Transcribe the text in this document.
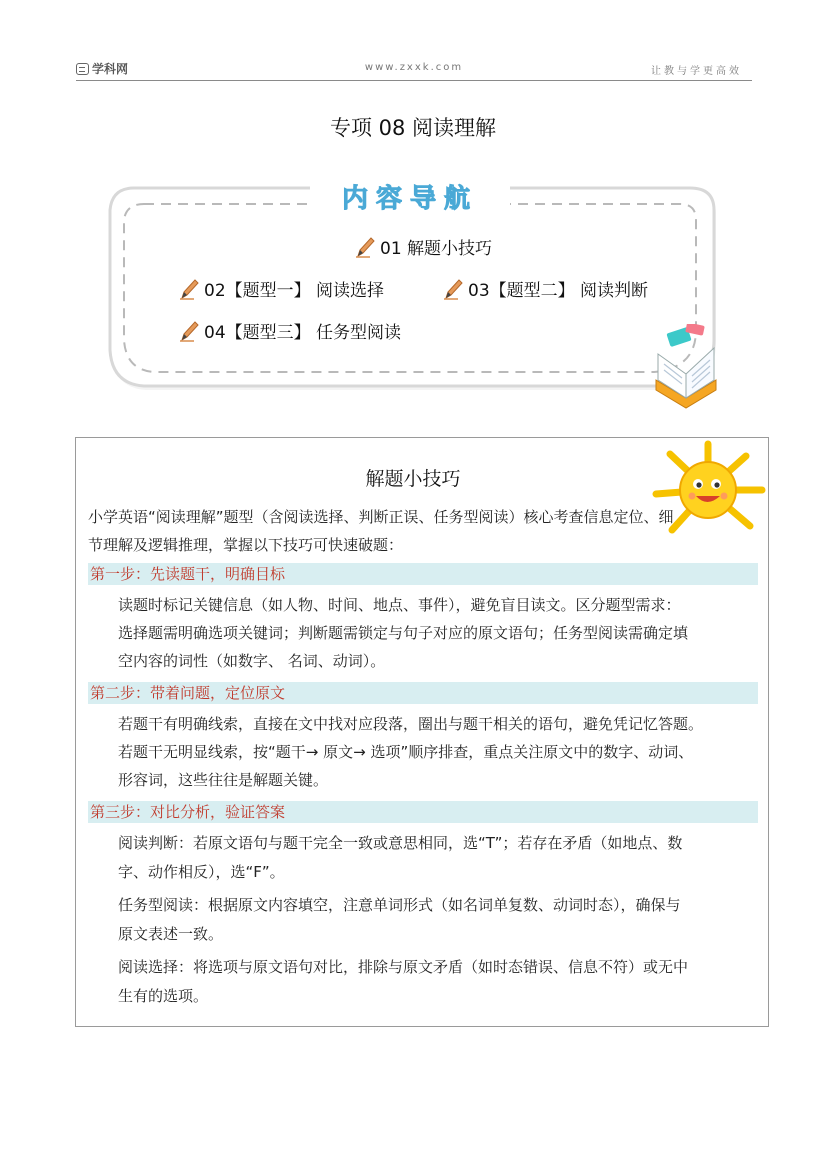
学科网	www.zxxk.com	让教与学更高效
专项 08 阅读理解
内容导航
01 解题小技巧
02【题型一】 阅读选择	03【题型二】 阅读判断
04【题型三】 任务型阅读
解题小技巧
小学英语“阅读理解”题型（含阅读选择、判断正误、任务型阅读）核心考查信息定位、细
节理解及逻辑推理，掌握以下技巧可快速破题：
第一步：先读题干，明确目标
读题时标记关键信息（如人物、时间、地点、事件），避免盲目读文。区分题型需求：
选择题需明确选项关键词；判断题需锁定与句子对应的原文语句；任务型阅读需确定填
空内容的词性（如数字、 名词、动词）。
第二步：带着问题，定位原文
若题干有明确线索，直接在文中找对应段落，圈出与题干相关的语句，避免凭记忆答题。
若题干无明显线索，按“题干→ 原文→ 选项”顺序排查，重点关注原文中的数字、动词、
形容词，这些往往是解题关键。
第三步：对比分析，验证答案
阅读判断：若原文语句与题干完全一致或意思相同，选“T”；若存在矛盾（如地点、数
字、动作相反），选“F”。
任务型阅读：根据原文内容填空，注意单词形式（如名词单复数、动词时态），确保与
原文表述一致。
阅读选择：将选项与原文语句对比，排除与原文矛盾（如时态错误、信息不符）或无中
生有的选项。
